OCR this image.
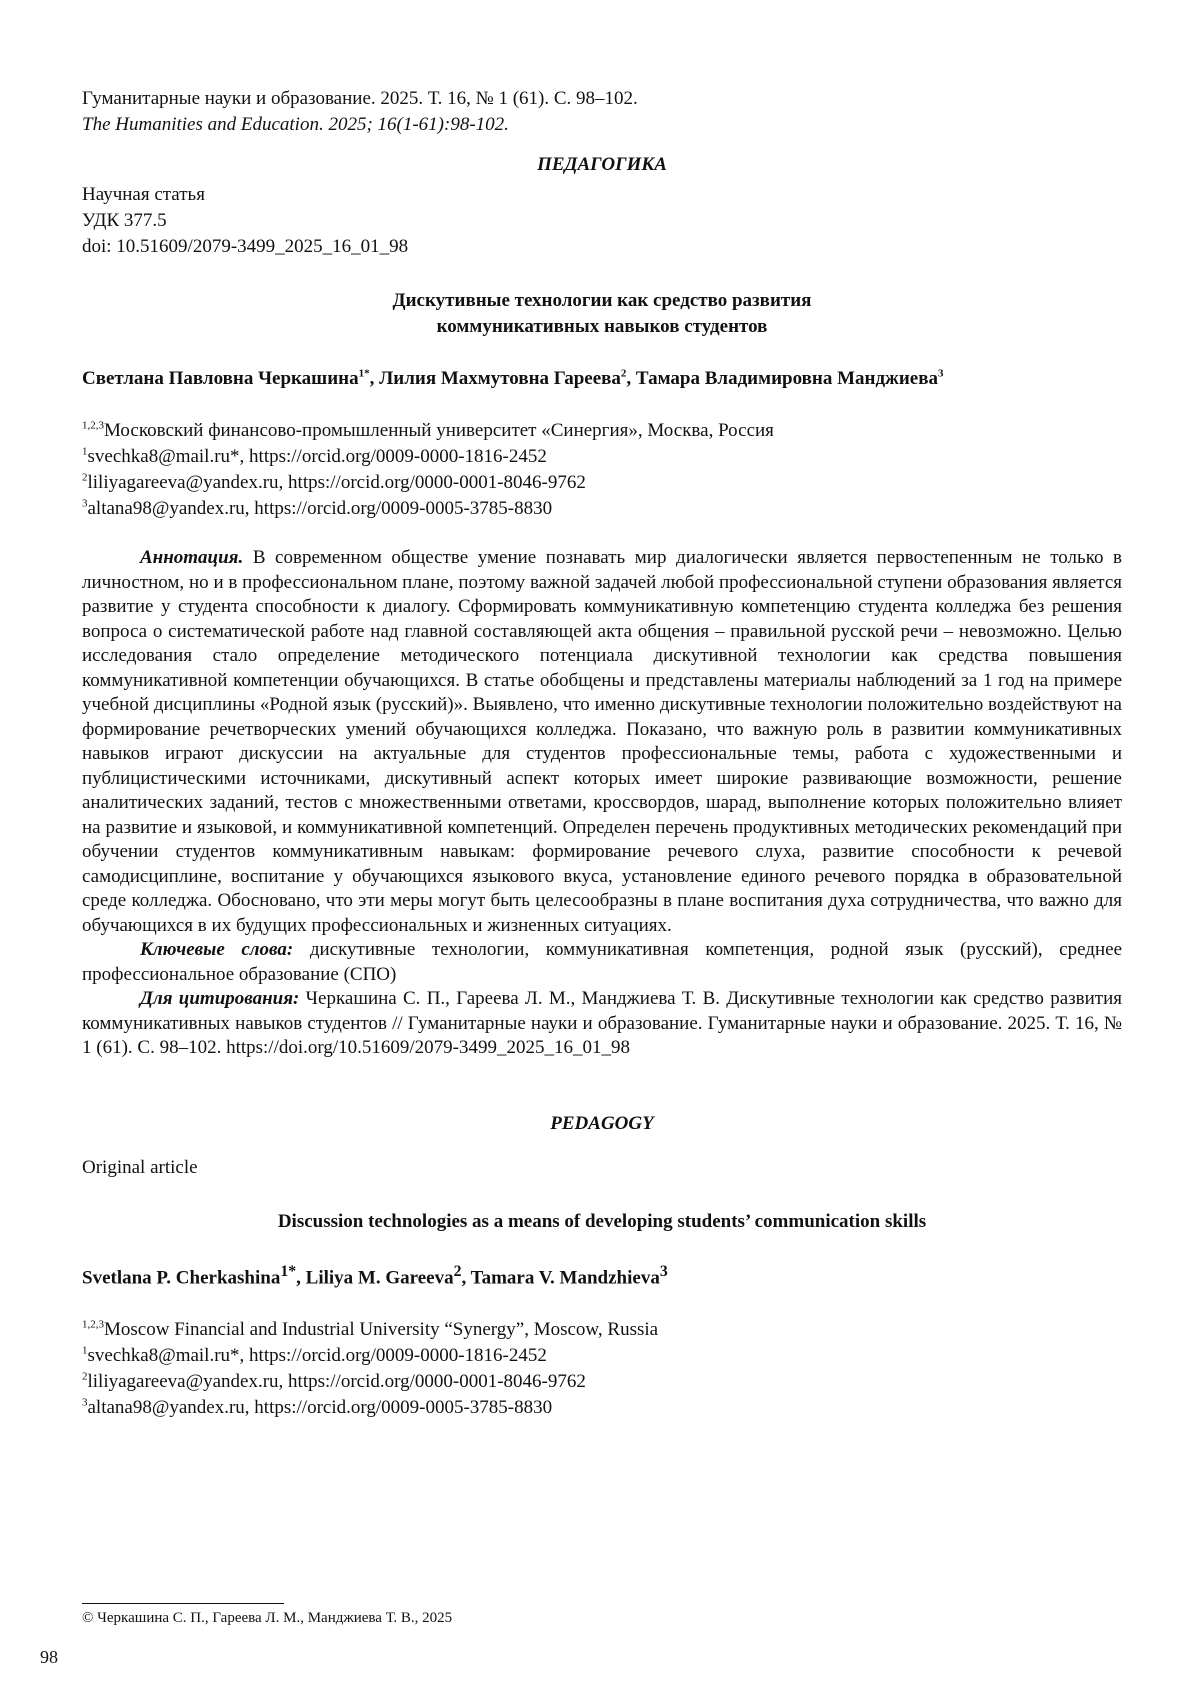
Гуманитарные науки и образование. 2025. Т. 16, № 1 (61). С. 98–102.
The Humanities and Education. 2025; 16(1-61):98-102.
ПЕДАГОГИКА
Научная статья
УДК 377.5
doi: 10.51609/2079-3499_2025_16_01_98
Дискутивные технологии как средство развития
коммуникативных навыков студентов
Светлана Павловна Черкашина$^{1*}$, Лилия Махмутовна Гареева$^2$, Тамара Владимировна Манджиева$^3$
$^{1,2,3}$Московский финансово-промышленный университет «Синергия», Москва, Россия
$^1$svechka8@mail.ru*, https://orcid.org/0009-0000-1816-2452
$^2$liliyagareeva@yandex.ru, https://orcid.org/0000-0001-8046-9762
$^3$altana98@yandex.ru, https://orcid.org/0009-0005-3785-8830

Аннотация. В современном обществе умение познавать мир диалогически является первостепенным не только в личностном, но и в профессиональном плане, поэтому важной задачей любой профессиональной ступени образования является развитие у студента способности к диалогу. Сформировать коммуникативную компетенцию студента колледжа без решения вопроса о систематической работе над главной составляющей акта общения – правильной русской речи – невозможно. Целью исследования стало определение методического потенциала дискутивной технологии как средства повышения коммуникативной компетенции обучающихся. В статье обобщены и представлены материалы наблюдений за 1 год на примере учебной дисциплины «Родной язык (русский)». Выявлено, что именно дискутивные технологии положительно воздействуют на формирование речетворческих умений обучающихся колледжа. Показано, что важную роль в развитии коммуникативных навыков играют дискуссии на актуальные для студентов профессиональные темы, работа с художественными и публицистическими источниками, дискутивный аспект которых имеет широкие развивающие возможности, решение аналитических заданий, тестов с множественными ответами, кроссвордов, шарад, выполнение которых положительно влияет на развитие и языковой, и коммуникативной компетенций. Определен перечень продуктивных методических рекомендаций при обучении студентов коммуникативным навыкам: формирование речевого слуха, развитие способности к речевой самодисциплине, воспитание у обучающихся языкового вкуса, установление единого речевого порядка в образовательной среде колледжа. Обосновано, что эти меры могут быть целесообразны в плане воспитания духа сотрудничества, что важно для обучающихся в их будущих профессиональных и жизненных ситуациях.

Ключевые слова: дискутивные технологии, коммуникативная компетенция, родной язык (русский), среднее профессиональное образование (СПО)

Для цитирования: Черкашина С. П., Гареева Л. М., Манджиева Т. В. Дискутивные технологии как средство развития коммуникативных навыков студентов // Гуманитарные науки и образование. Гуманитарные науки и образование. 2025. Т. 16, № 1 (61). С. 98–102. https://doi.org/10.51609/2079-3499_2025_16_01_98

PEDAGOGY
Original article
Discussion technologies as a means of developing students’ communication skills
Svetlana P. Cherkashina$^{1*}$, Liliya M. Gareeva$^2$, Tamara V. Mandzhieva$^3$
$^{1,2,3}$Moscow Financial and Industrial University “Synergy”, Moscow, Russia
$^1$svechka8@mail.ru*, https://orcid.org/0009-0000-1816-2452
$^2$liliyagareeva@yandex.ru, https://orcid.org/0000-0001-8046-9762
$^3$altana98@yandex.ru, https://orcid.org/0009-0005-3785-8830
© Черкашина С. П., Гареева Л. М., Манджиева Т. В., 2025
98
